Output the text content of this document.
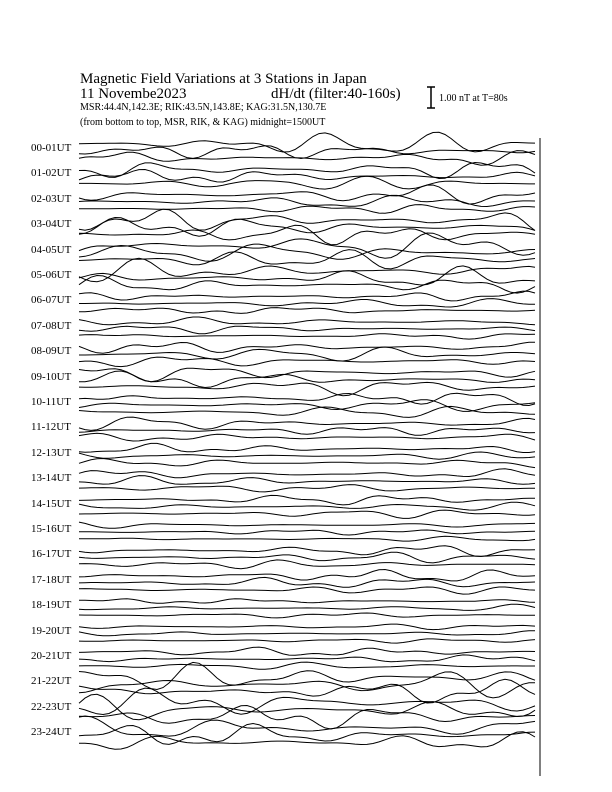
Magnetic Field Variations at 3 Stations in Japan
11 Novembe2023	dH/dt (filter:40-160s)
MSR:44.4N,142.3E; RIK:43.5N,143.8E; KAG:31.5N,130.7E
(from bottom to top, MSR, RIK, & KAG) midnight=1500UT
1.00 nT at T=80s
00-01UT
01-02UT
02-03UT
03-04UT
04-05UT
05-06UT
06-07UT
07-08UT
08-09UT
09-10UT
10-11UT
11-12UT
12-13UT
13-14UT
14-15UT
15-16UT
16-17UT
17-18UT
18-19UT
19-20UT
20-21UT
21-22UT
22-23UT
23-24UT
